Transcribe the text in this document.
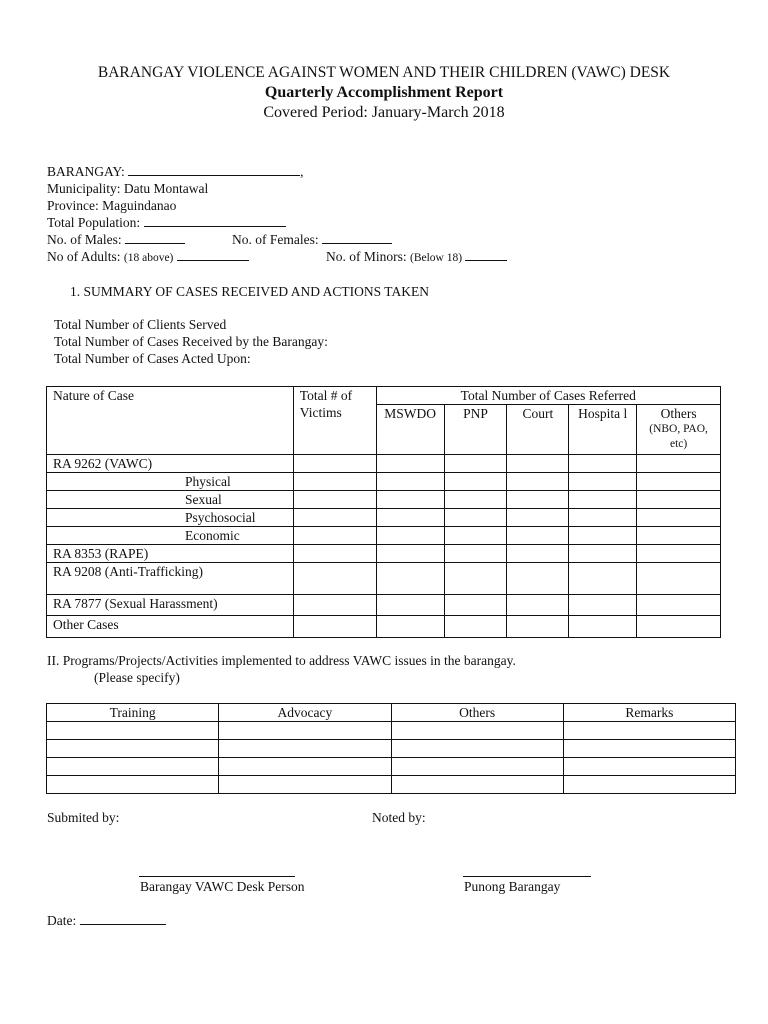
BARANGAY VIOLENCE AGAINST WOMEN AND THEIR CHILDREN (VAWC) DESK
Quarterly Accomplishment Report
Covered Period: January-March 2018
BARANGAY:	,
Municipality: Datu Montawal
Province: Maguindanao
Total Population:
No. of Males:	No. of Females:
No of Adults: (18 above)	No. of Minors: (Below 18)
1. SUMMARY OF CASES RECEIVED AND ACTIONS TAKEN
Total Number of Clients Served
Total Number of Cases Received by the Barangay:
Total Number of Cases Acted Upon:
Nature of Case	Total # of Victims	Total Number of Cases Referred				
		MSWDO	PNP	Court	Hospita l	Others
(NBO, PAO, etc)

RA 9262 (VAWC)						
Physical						
Sexual						
Psychosocial						
Economic						
RA 8353 (RAPE)						
RA 9208 (Anti-Trafficking)						
RA 7877 (Sexual Harassment)						
Other Cases						
II. Programs/Projects/Activities implemented to address VAWC issues in the barangay.
(Please specify)
Training	Advocacy	Others	Remarks

Submited by:	Noted by:
Barangay VAWC Desk Person	Punong Barangay
Date:
